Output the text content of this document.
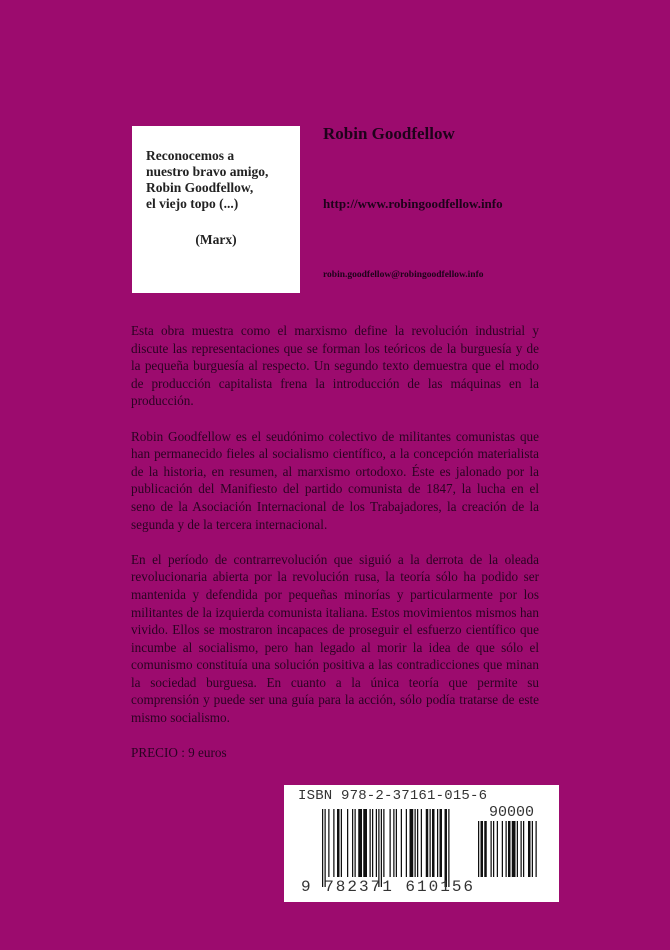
Reconocemos a
nuestro bravo amigo,
Robin Goodfellow,
el viejo topo (...)
(Marx)
Robin Goodfellow
http://www.robingoodfellow.info
robin.goodfellow@robingoodfellow.info

Esta obra muestra como el marxismo define la revolución industrial y discute las representaciones que se forman los teóricos de la burguesía y de la pequeña burguesía al respecto. Un segundo texto demuestra que el modo de producción capitalista frena la introducción de las máquinas en la producción.

Robin Goodfellow es el seudónimo colectivo de militantes comunistas que han permanecido fieles al socialismo científico, a la concepción materialista de la historia, en resumen, al marxismo ortodoxo. Éste es jalonado por la publicación del Manifiesto del partido comunista de 1847, la lucha en el seno de la Asociación Internacional de los Trabajadores, la creación de la segunda y de la tercera internacional.

En el período de contrarrevolución que siguió a la derrota de la oleada revolucionaria abierta por la revolución rusa, la teoría sólo ha podido ser mantenida y defendida por pequeñas minorías y particularmente por los militantes de la izquierda comunista italiana. Estos movimientos mismos han vivido. Ellos se mostraron incapaces de proseguir el esfuerzo científico que incumbe al socialismo, pero han legado al morir la idea de que sólo el comunismo constituía una solución positiva a las contradicciones que minan la sociedad burguesa. En cuanto a la única teoría que permite su comprensión y puede ser una guía para la acción, sólo podía tratarse de este mismo socialismo.

PRECIO : 9 euros

ISBN 978-2-37161-015-6
90000
9 782371 610156
